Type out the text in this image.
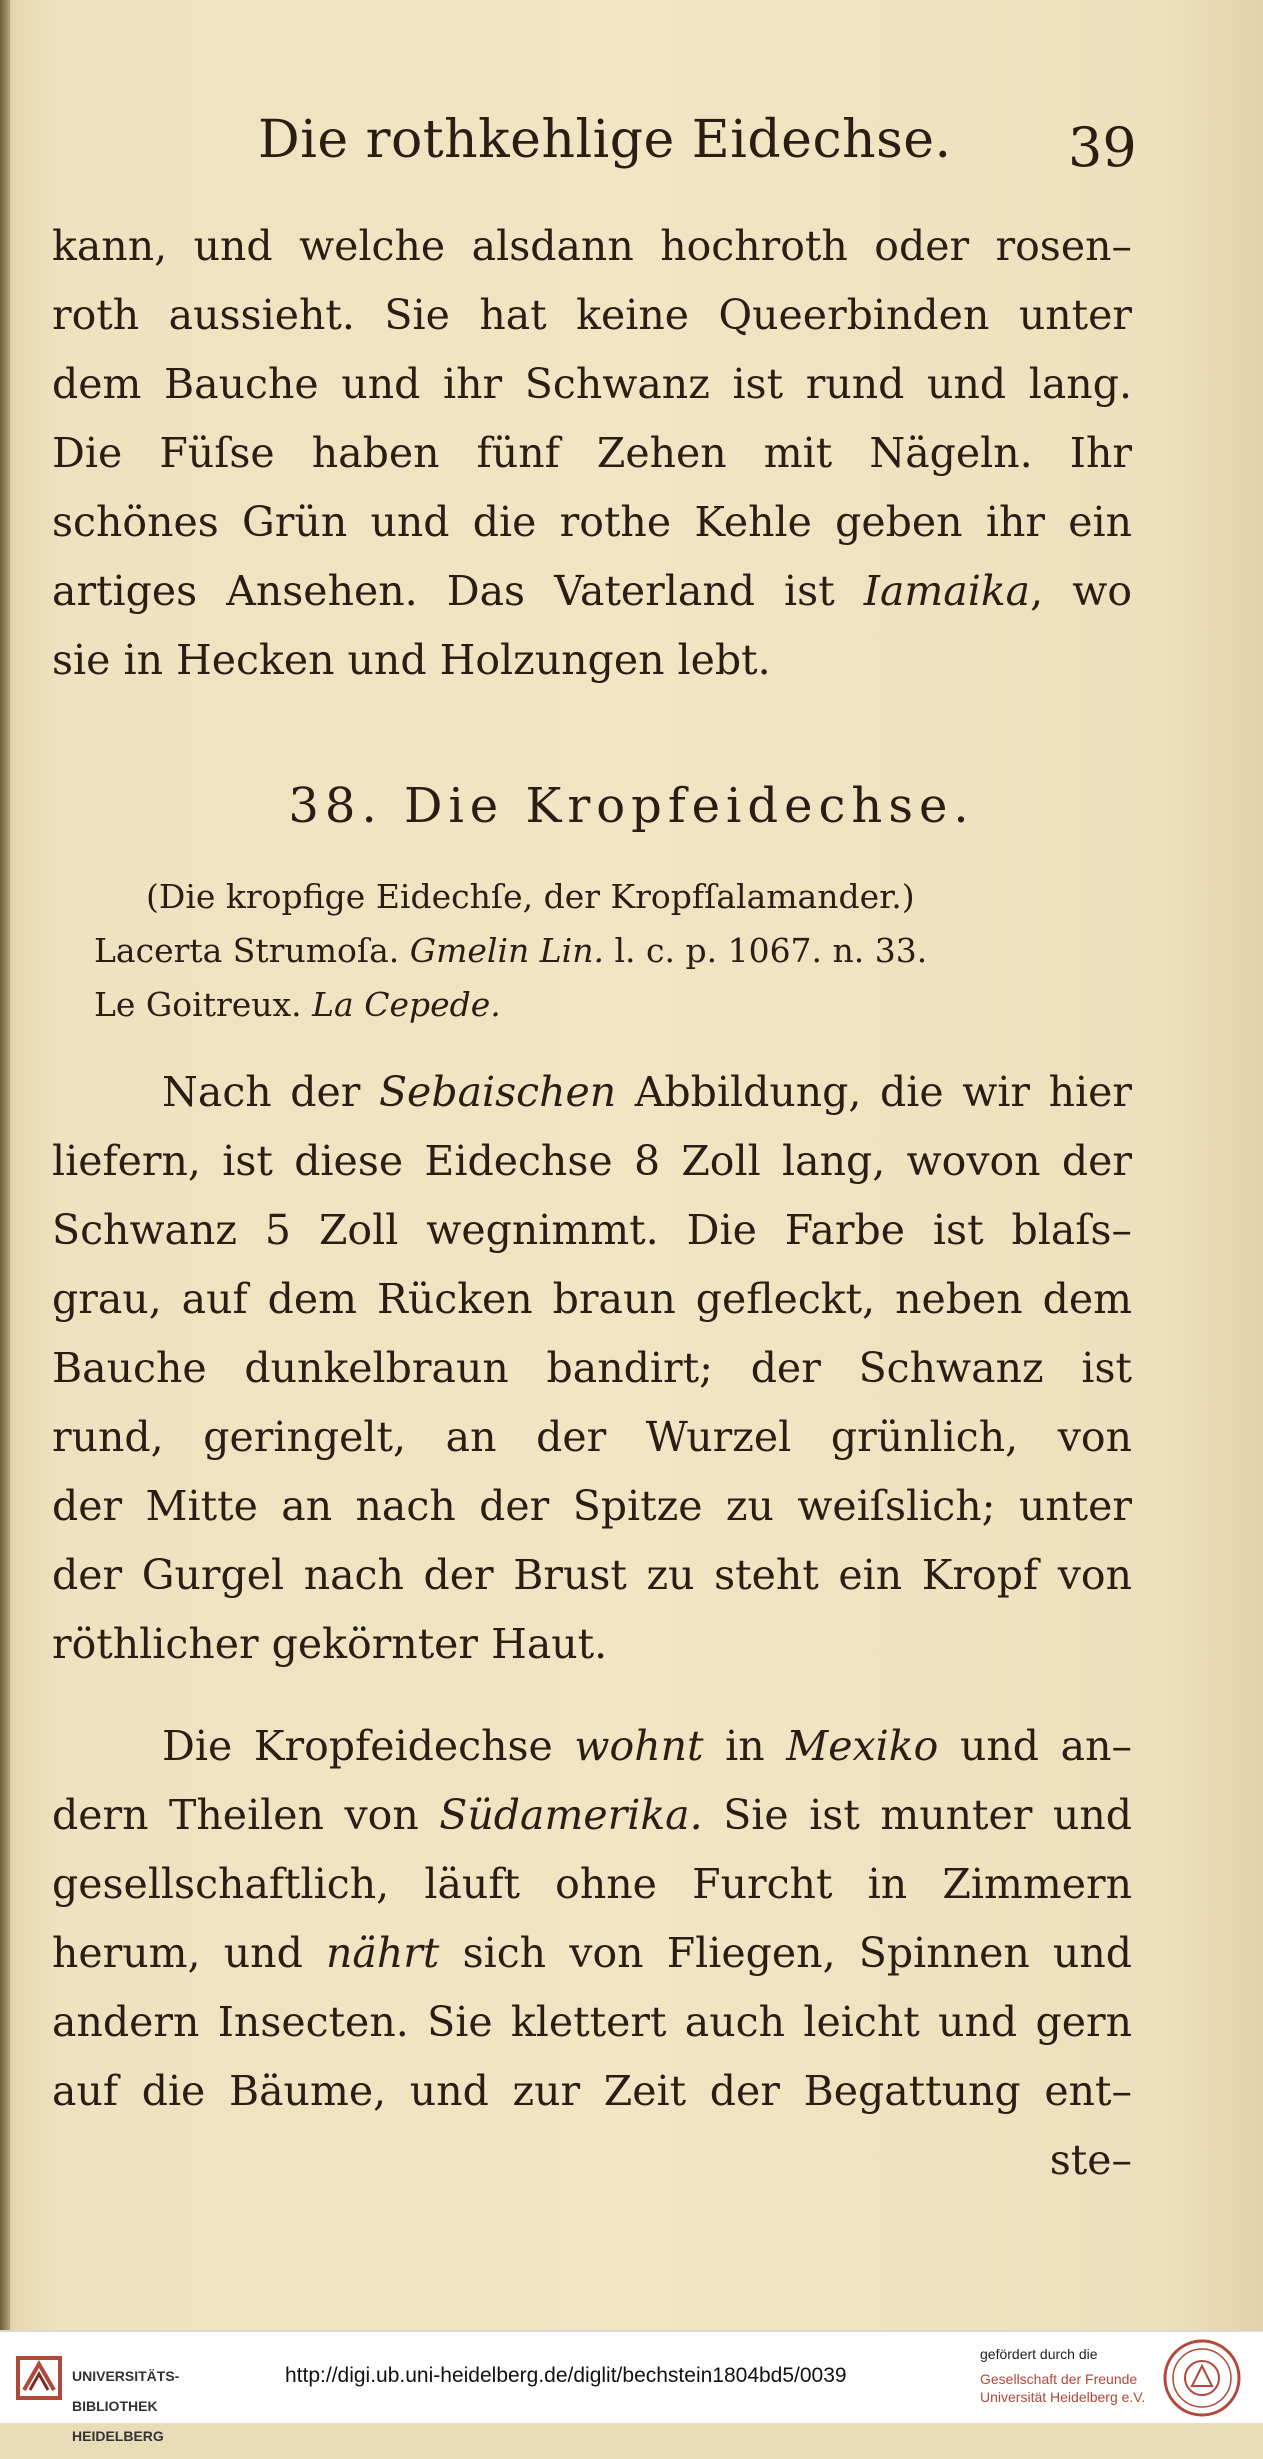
Die rothkehlige Eidechse. 39
kann, und welche alsdann hochroth oder rosen–
roth aussieht. Sie hat keine Queerbinden unter
dem Bauche und ihr Schwanz ist rund und lang.
Die Füſse haben fünf Zehen mit Nägeln. Ihr
schönes Grün und die rothe Kehle geben ihr ein
artiges Ansehen. Das Vaterland ist Iamaika, wo
sie in Hecken und Holzungen lebt.
38. Die Kropfeidechse.
(Die kropfige Eidechſe, der Kropfſalamander.)
Lacerta Strumoſa. Gmelin Lin. l. c. p. 1067. n. 33.
Le Goitreux. La Cepede.
Nach der Sebaischen Abbildung, die wir hier
liefern, ist diese Eidechse 8 Zoll lang, wovon der
Schwanz 5 Zoll wegnimmt. Die Farbe ist blaſs–
grau, auf dem Rücken braun gefleckt, neben dem
Bauche dunkelbraun bandirt; der Schwanz ist
rund, geringelt, an der Wurzel grünlich, von
der Mitte an nach der Spitze zu weiſslich; unter
der Gurgel nach der Brust zu steht ein Kropf von
röthlicher gekörnter Haut.
Die Kropfeidechse wohnt in Mexiko und an–
dern Theilen von Südamerika. Sie ist munter und
gesellschaftlich, läuft ohne Furcht in Zimmern
herum, und nährt sich von Fliegen, Spinnen und
andern Insecten. Sie klettert auch leicht und gern
auf die Bäume, und zur Zeit der Begattung ent–
ste–

UNIVERSITÄTS-

BIBLIOTHEK

HEIDELBERG

http://digi.ub.uni-heidelberg.de/diglit/bechstein1804bd5/0039
gefördert durch die
Gesellschaft der Freunde
Universität Heidelberg e.V.
